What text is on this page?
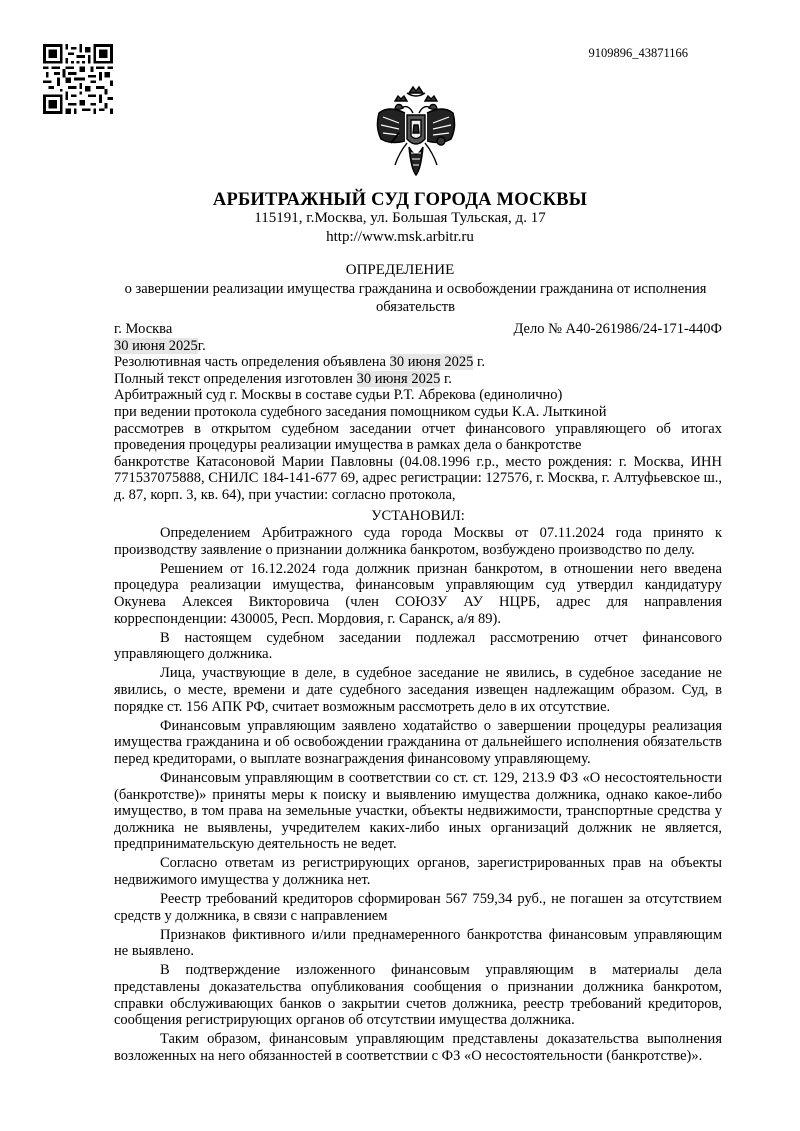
9109896_43871166
АРБИТРАЖНЫЙ СУД ГОРОДА МОСКВЫ
115191, г.Москва, ул. Большая Тульская, д. 17
http://www.msk.arbitr.ru
ОПРЕДЕЛЕНИЕ
о завершении реализации имущества гражданина и освобождении гражданина от исполнения обязательств
г. Москва	Дело № А40-261986/24-171-440Ф
30 июня 2025г.
Резолютивная часть определения объявлена 30 июня 2025 г.
Полный текст определения изготовлен 30 июня 2025 г.
Арбитражный суд г. Москвы в составе судьи Р.Т. Абрекова (единолично)
при ведении протокола судебного заседания помощником судьи К.А. Лыткиной
рассмотрев в открытом судебном заседании отчет финансового управляющего об итогах проведения процедуры реализации имущества в рамках дела о банкротстве
банкротстве Катасоновой Марии Павловны (04.08.1996 г.р., место рождения: г. Москва, ИНН 771537075888, СНИЛС 184-141-677 69, адрес регистрации: 127576, г. Москва, г. Алтуфьевское ш., д. 87, корп. 3, кв. 64), при участии: согласно протокола,
УСТАНОВИЛ:

Определением Арбитражного суда города Москвы от 07.11.2024 года принято к производству заявление о признании должника банкротом, возбуждено производство по делу.

Решением от 16.12.2024 года должник признан банкротом, в отношении него введена процедура реализации имущества, финансовым управляющим суд утвердил кандидатуру Окунева Алексея Викторовича (член СОЮЗУ АУ НЦРБ, адрес для направления корреспонденции: 430005, Респ. Мордовия, г. Саранск, а/я 89).

В настоящем судебном заседании подлежал рассмотрению отчет финансового управляющего должника.

Лица, участвующие в деле, в судебное заседание не явились, в судебное заседание не явились, о месте, времени и дате судебного заседания извещен надлежащим образом. Суд, в порядке ст. 156 АПК РФ, считает возможным рассмотреть дело в их отсутствие.

Финансовым управляющим заявлено ходатайство о завершении процедуры реализация имущества гражданина и об освобождении гражданина от дальнейшего исполнения обязательств перед кредиторами, о выплате вознаграждения финансовому управляющему.

Финансовым управляющим в соответствии со ст. ст. 129, 213.9 ФЗ «О несостоятельности (банкротстве)» приняты меры к поиску и выявлению имущества должника, однако какое-либо имущество, в том права на земельные участки, объекты недвижимости, транспортные средства у должника не выявлены, учредителем каких-либо иных организаций должник не является, предпринимательскую деятельность не ведет.

Согласно ответам из регистрирующих органов, зарегистрированных прав на объекты недвижимого имущества у должника нет.

Реестр требований кредиторов сформирован 567 759,34 руб., не погашен за отсутствием средств у должника, в связи с направлением

Признаков фиктивного и/или преднамеренного банкротства финансовым управляющим не выявлено.

В подтверждение изложенного финансовым управляющим в материалы дела представлены доказательства опубликования сообщения о признании должника банкротом, справки обслуживающих банков о закрытии счетов должника, реестр требований кредиторов, сообщения регистрирующих органов об отсутствии имущества должника.

Таким образом, финансовым управляющим представлены доказательства выполнения возложенных на него обязанностей в соответствии с ФЗ «О несостоятельности (банкротстве)».
